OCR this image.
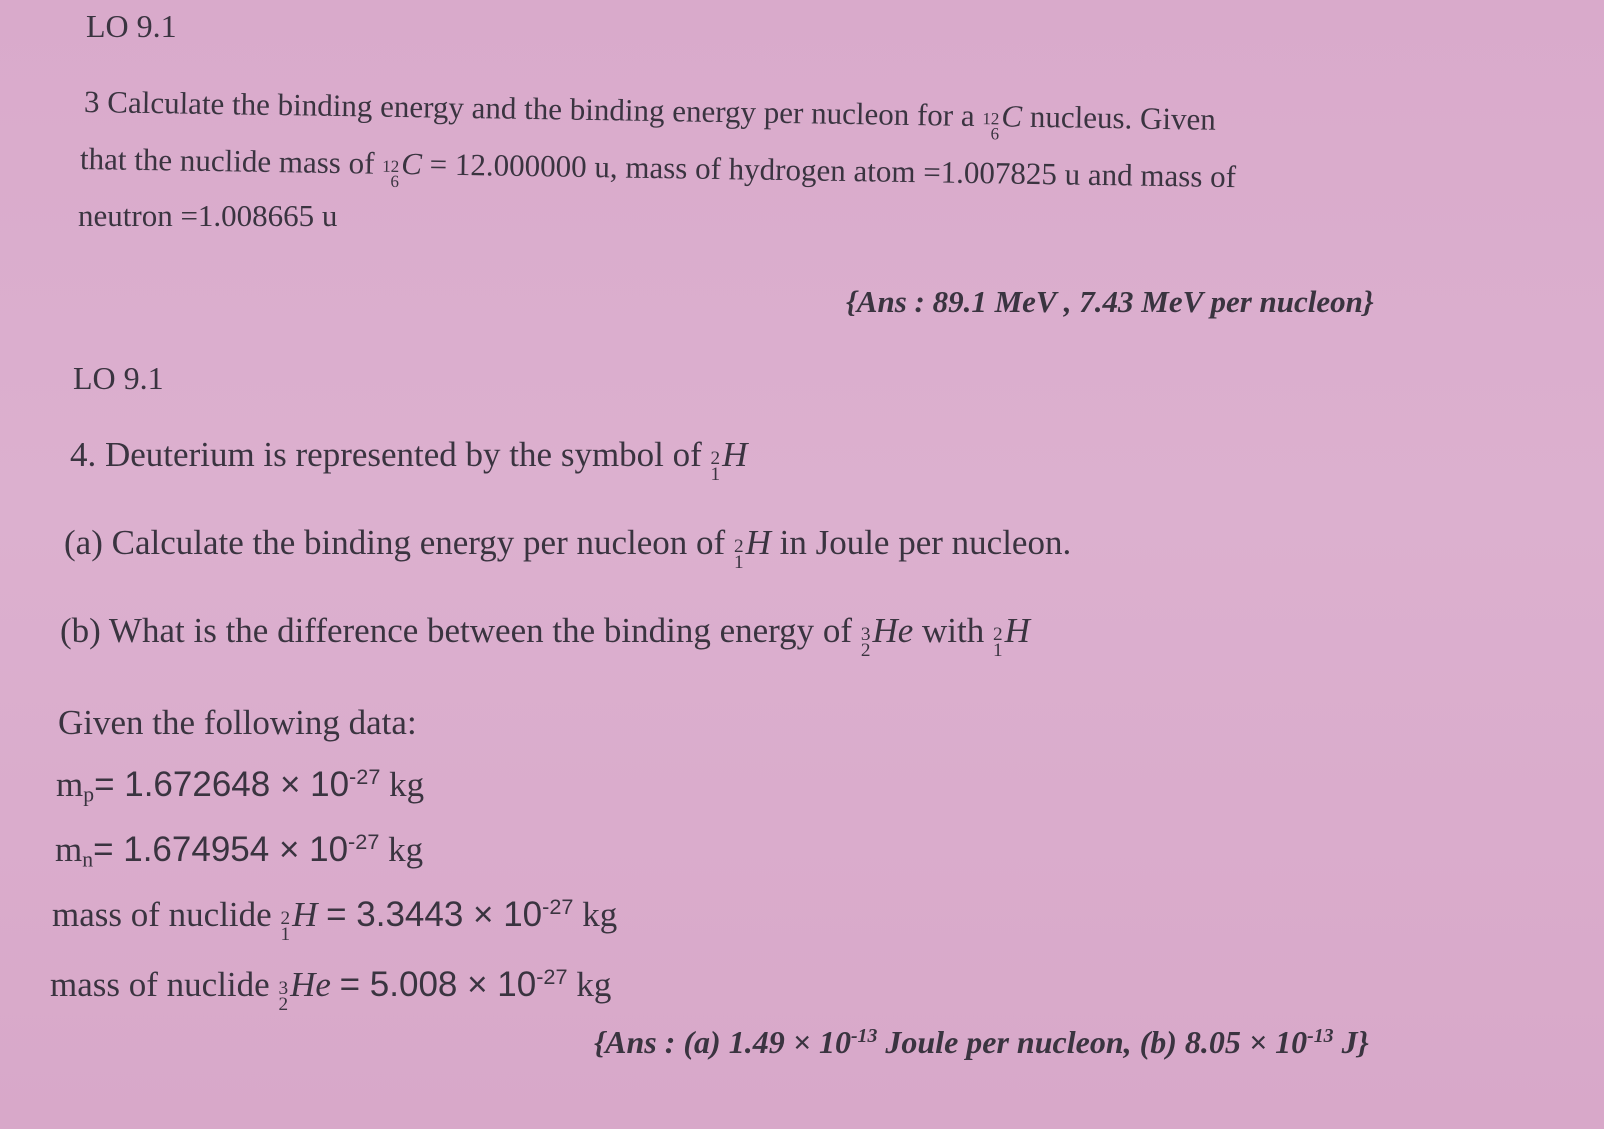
LO 9.1
3 Calculate the binding energy and the binding energy per nucleon for a 12
6 C nucleus. Given
that the nuclide mass of 12
6 C = 12.000000 u, mass of hydrogen atom =1.007825 u and mass of
neutron =1.008665 u
{Ans : 89.1 MeV , 7.43 MeV per nucleon}
LO 9.1
4. Deuterium is represented by the symbol of 2
1
H
(a) Calculate the binding energy per nucleon of 2
1
H in Joule per nucleon.
(b) What is the difference between the binding energy of 3
2
He with 2
1
H
Given the following data:
$m_p= 1.672648 \times 10^{-27}$ kg
$m_n= 1.674954 \times 10^{-27}$ kg
mass of nuclide 2
1
$H = 3.3443 \times 10^{-27}$ kg
mass of nuclide 3
2
$He = 5.008 \times 10^{-27}$ kg
{Ans : (a) $1.49 \times 10^{-13}$ Joule per nucleon, (b) $8.05 \times 10^{-13}$ J}
